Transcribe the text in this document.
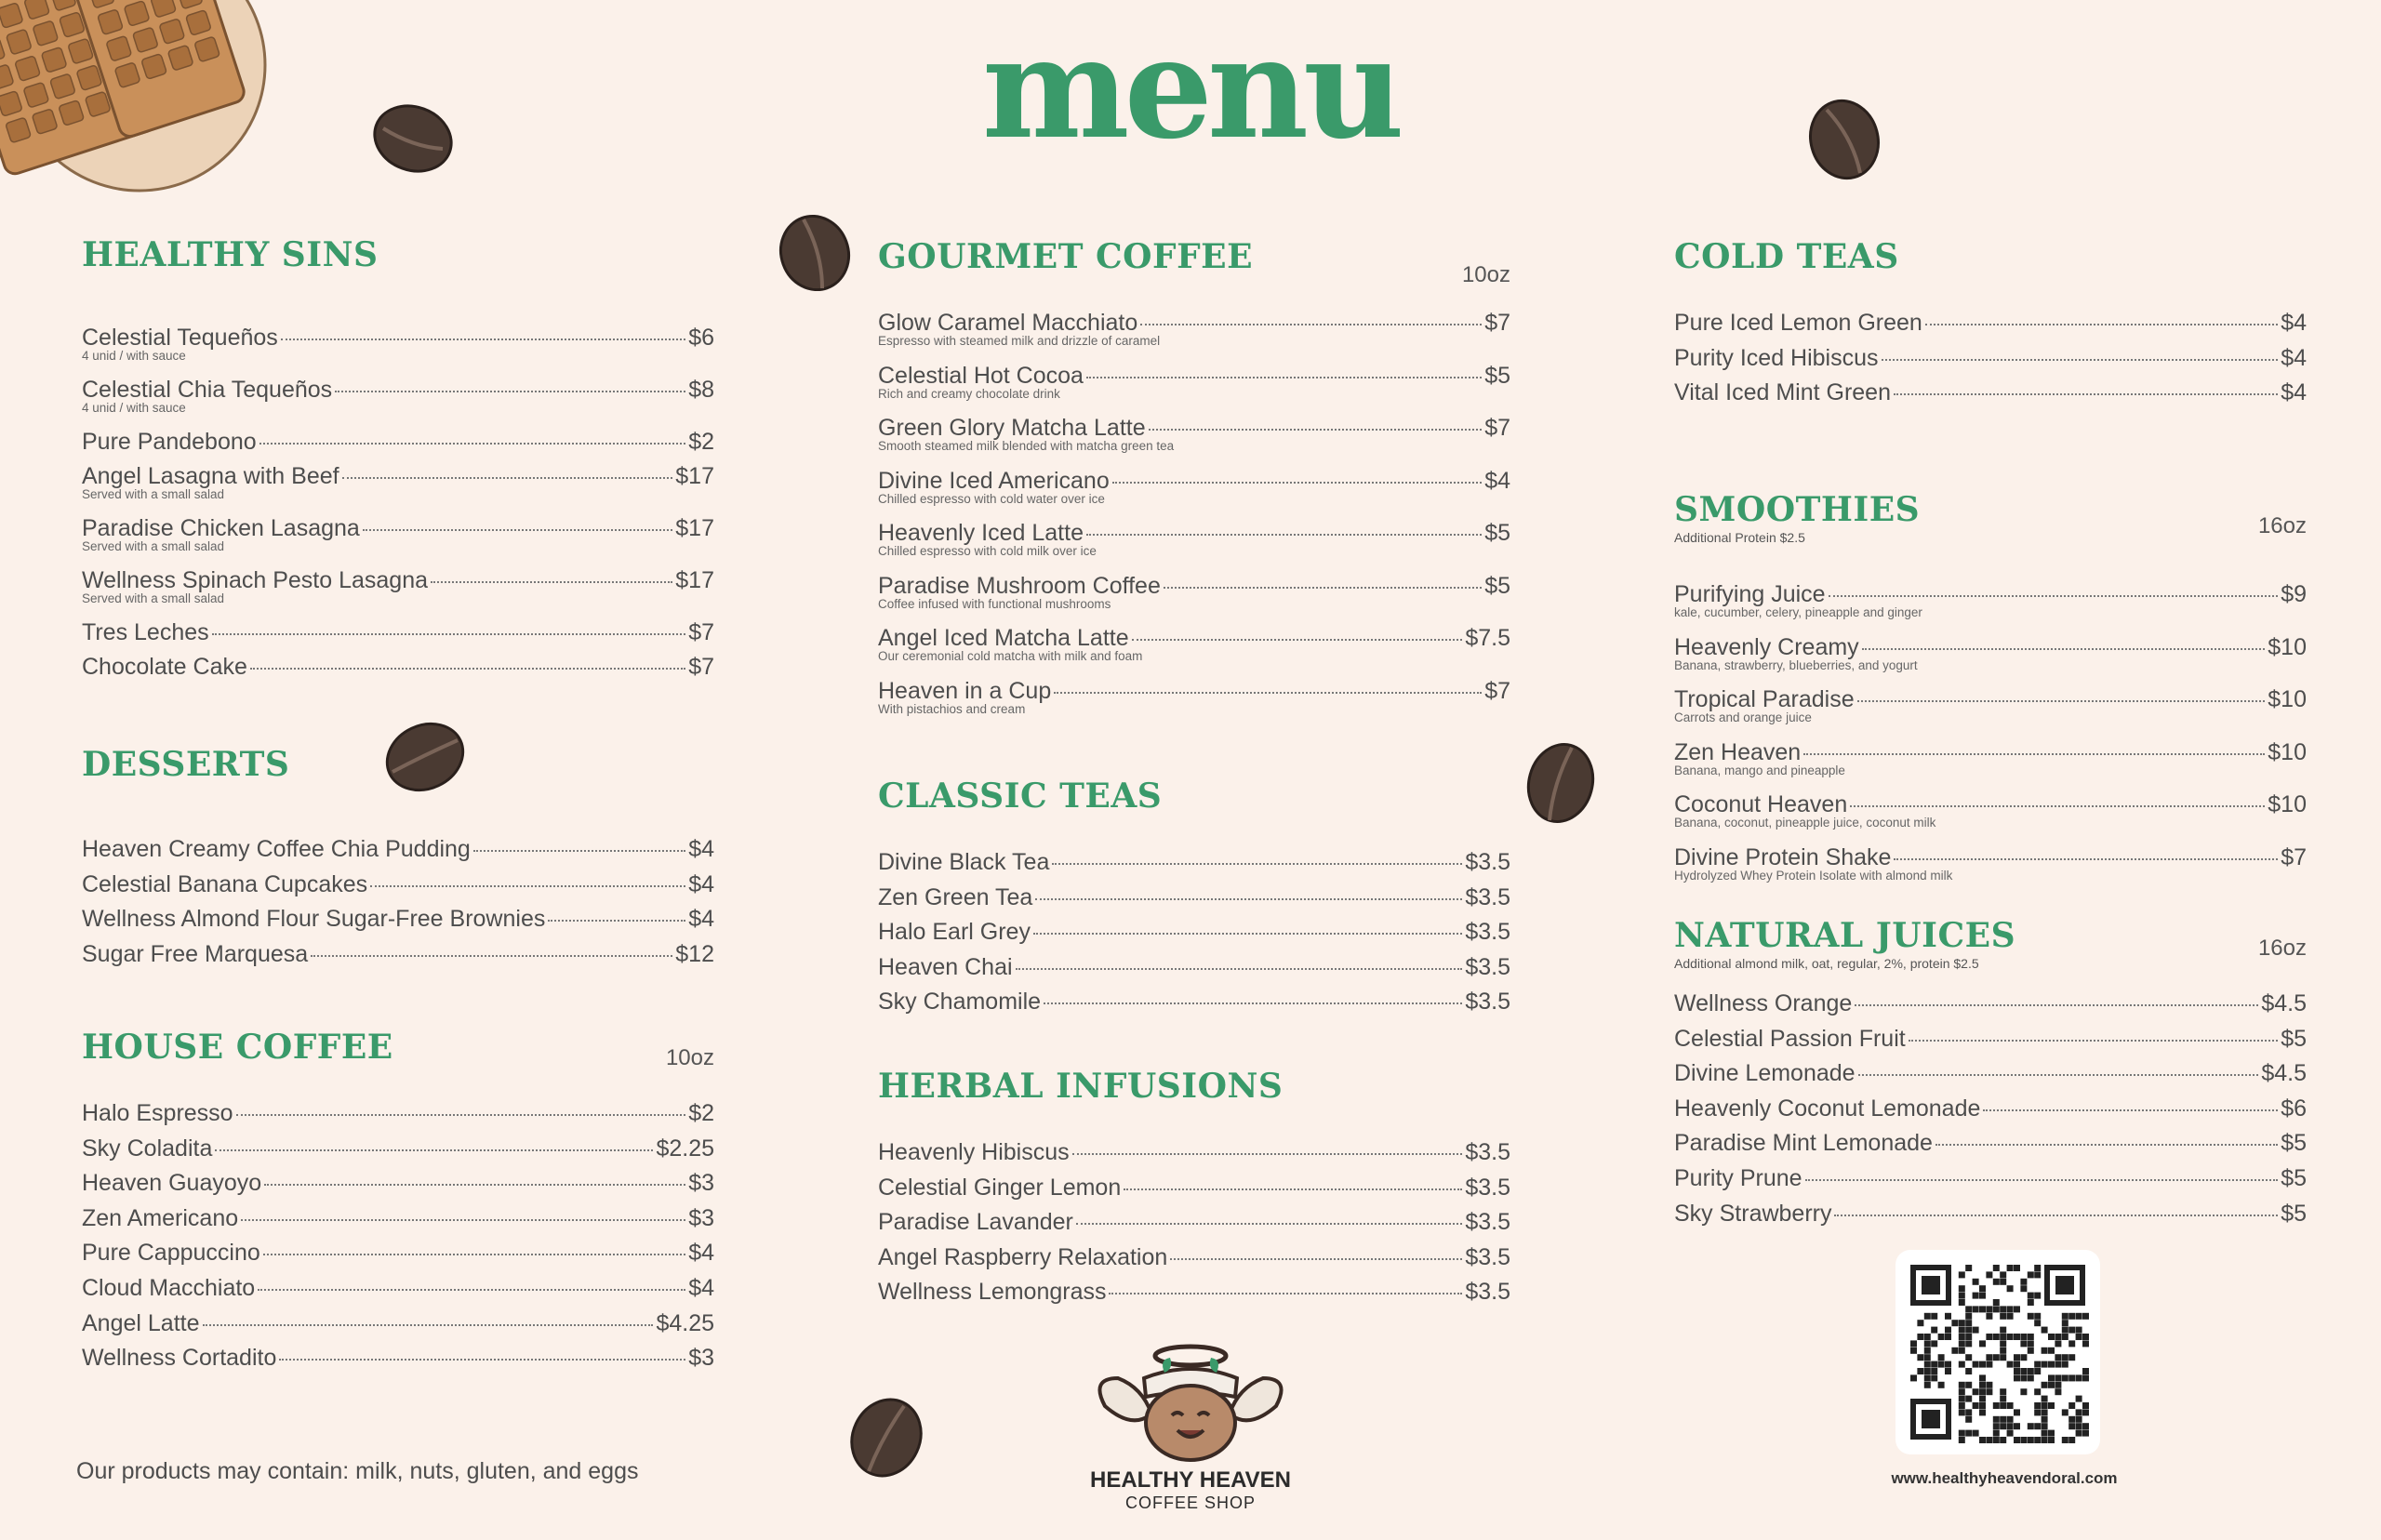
menu
HEALTHY SINS
Celestial Tequeños	$6
4 unid / with sauce
Celestial Chia Tequeños	$8
4 unid / with sauce
Pure Pandebono	$2
Angel Lasagna with Beef	$17
Served with a small salad
Paradise Chicken Lasagna	$17
Served with a small salad
Wellness Spinach Pesto Lasagna	$17
Served with a small salad
Tres Leches	$7
Chocolate Cake	$7
DESSERTS
Heaven Creamy Coffee Chia Pudding	$4
Celestial Banana Cupcakes	$4
Wellness Almond Flour Sugar-Free Brownies	$4
Sugar Free Marquesa	$12
HOUSE COFFEE	10oz
Halo Espresso	$2
Sky Coladita	$2.25
Heaven Guayoyo	$3
Zen Americano	$3
Pure Cappuccino	$4
Cloud Macchiato	$4
Angel Latte	$4.25
Wellness Cortadito	$3
GOURMET COFFEE	10oz
Glow Caramel Macchiato	$7
Espresso with steamed milk and drizzle of caramel
Celestial Hot Cocoa	$5
Rich and creamy chocolate drink
Green Glory Matcha Latte	$7
Smooth steamed milk blended with matcha green tea
Divine Iced Americano	$4
Chilled espresso with cold water over ice
Heavenly Iced Latte	$5
Chilled espresso with cold milk over ice
Paradise Mushroom Coffee	$5
Coffee infused with functional mushrooms
Angel Iced Matcha Latte	$7.5
Our ceremonial cold matcha with milk and foam
Heaven in a Cup	$7
With pistachios and cream
CLASSIC TEAS
Divine Black Tea	$3.5
Zen Green Tea	$3.5
Halo Earl Grey	$3.5
Heaven Chai	$3.5
Sky Chamomile	$3.5
HERBAL INFUSIONS
Heavenly Hibiscus	$3.5
Celestial Ginger Lemon	$3.5
Paradise Lavander	$3.5
Angel Raspberry Relaxation	$3.5
Wellness Lemongrass	$3.5
COLD TEAS
Pure Iced Lemon Green	$4
Purity Iced Hibiscus	$4
Vital Iced Mint Green	$4
SMOOTHIES
Additional Protein $2.5	16oz
Purifying Juice	$9
kale, cucumber, celery, pineapple and ginger
Heavenly Creamy	$10
Banana, strawberry, blueberries, and yogurt
Tropical Paradise	$10
Carrots and orange juice
Zen Heaven	$10
Banana, mango and pineapple
Coconut Heaven	$10
Banana, coconut, pineapple juice, coconut milk
Divine Protein Shake	$7
Hydrolyzed Whey Protein Isolate with almond milk
NATURAL JUICES
Additional almond milk, oat, regular, 2%, protein $2.5
16oz
Wellness Orange	$4.5
Celestial Passion Fruit	$5
Divine Lemonade	$4.5
Heavenly Coconut Lemonade	$6
Paradise Mint Lemonade	$5
Purity Prune	$5
Sky Strawberry	$5
Our products may contain: milk, nuts, gluten, and eggs	HEALTHY HEAVEN
COFFEE SHOP
www.healthyheavendoral.com
